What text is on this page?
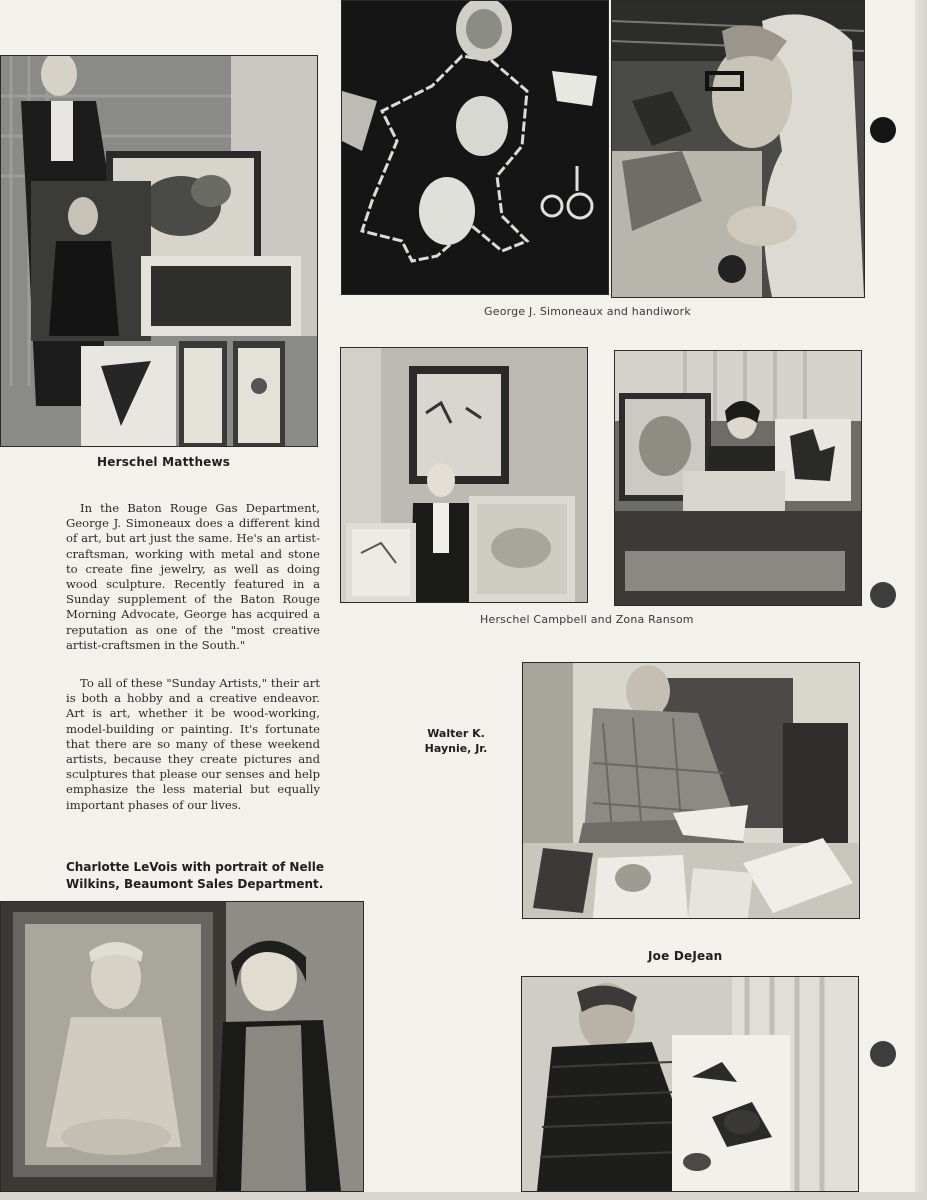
Herschel Matthews
George J. Simoneaux and handiwork
Herschel Campbell and Zona Ransom

In the Baton Rouge Gas Department, George J. Simoneaux does a different kind of art, but art just the same. He's an artist-craftsman, working with metal and stone to create fine jewelry, as well as doing wood sculpture. Recently featured in a Sunday supplement of the Baton Rouge Morning Advocate, George has acquired a reputation as one of the "most creative artist-craftsmen in the South."

To all of these "Sunday Artists," their art is both a hobby and a creative endeavor. Art is art, whether it be wood-working, model-building or painting. It's fortunate that there are so many of these weekend artists, because they create pictures and sculptures that please our senses and help emphasize the less material but equally important phases of our lives.

Walter K. Haynie, Jr.
Joe DeJean
Charlotte LeVois with portrait of Nelle Wilkins, Beaumont Sales Department.
